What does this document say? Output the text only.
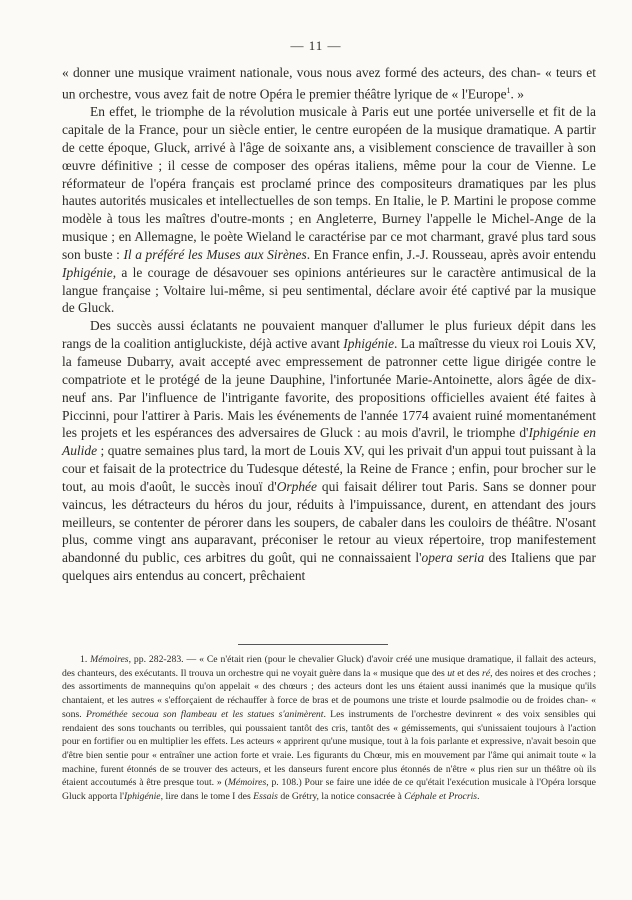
— 11 —

« donner une musique vraiment nationale, vous nous avez formé des acteurs, des chan- « teurs et un orchestre, vous avez fait de notre Opéra le premier théâtre lyrique de « l'Europe$^1$. »

En effet, le triomphe de la révolution musicale à Paris eut une portée universelle et fit de la capitale de la France, pour un siècle entier, le centre européen de la musique dramatique. A partir de cette époque, Gluck, arrivé à l'âge de soixante ans, a visiblement conscience de travailler à son œuvre définitive ; il cesse de composer des opéras italiens, même pour la cour de Vienne. Le réformateur de l'opéra français est proclamé prince des compositeurs dramatiques par les plus hautes autorités musicales et intellectuelles de son temps. En Italie, le P. Martini le propose comme modèle à tous les maîtres d'outre-monts ; en Angleterre, Burney l'appelle le Michel-Ange de la musique ; en Allemagne, le poète Wieland le caractérise par ce mot charmant, gravé plus tard sous son buste : Il a préféré les Muses aux Sirènes. En France enfin, J.-J. Rousseau, après avoir entendu Iphigénie, a le courage de désavouer ses opinions antérieures sur le caractère antimusical de la langue française ; Voltaire lui-même, si peu sentimental, déclare avoir été captivé par la musique de Gluck.

Des succès aussi éclatants ne pouvaient manquer d'allumer le plus furieux dépit dans les rangs de la coalition antigluckiste, déjà active avant Iphigénie. La maîtresse du vieux roi Louis XV, la fameuse Dubarry, avait accepté avec empressement de patronner cette ligue dirigée contre le compatriote et le protégé de la jeune Dauphine, l'infortunée Marie-Antoinette, alors âgée de dix-neuf ans. Par l'influence de l'intrigante favorite, des propositions officielles avaient été faites à Piccinni, pour l'attirer à Paris. Mais les événements de l'année 1774 avaient ruiné momentanément les projets et les espérances des adversaires de Gluck : au mois d'avril, le triomphe d'Iphigénie en Aulide ; quatre semaines plus tard, la mort de Louis XV, qui les privait d'un appui tout puissant à la cour et faisait de la protectrice du Tudesque détesté, la Reine de France ; enfin, pour brocher sur le tout, au mois d'août, le succès inouï d'Orphée qui faisait délirer tout Paris. Sans se donner pour vaincus, les détracteurs du héros du jour, réduits à l'impuissance, durent, en attendant des jours meilleurs, se contenter de pérorer dans les soupers, de cabaler dans les couloirs de théâtre. N'osant plus, comme vingt ans auparavant, préconiser le retour au vieux répertoire, trop manifestement abandonné du public, ces arbitres du goût, qui ne connaissaient l'opera seria des Italiens que par quelques airs entendus au concert, prêchaient

1. Mémoires, pp. 282-283. — « Ce n'était rien (pour le chevalier Gluck) d'avoir créé une musique dramatique, il fallait des acteurs, des chanteurs, des exécutants. Il trouva un orchestre qui ne voyait guère dans la « musique que des ut et des ré, des noires et des croches ; des assortiments de mannequins qu'on appelait « des chœurs ; des acteurs dont les uns étaient aussi inanimés que la musique qu'ils chantaient, et les autres « s'efforçaient de réchauffer à force de bras et de poumons une triste et lourde psalmodie ou de froides chan- « sons. Prométhée secoua son flambeau et les statues s'animèrent. Les instruments de l'orchestre devinrent « des voix sensibles qui rendaient des sons touchants ou terribles, qui poussaient tantôt des cris, tantôt des « gémissements, qui s'unissaient toujours à l'action pour en fortifier ou en multiplier les effets. Les acteurs « apprirent qu'une musique, tout à la fois parlante et expressive, n'avait besoin que d'être bien sentie pour « entraîner une action forte et vraie. Les figurants du Chœur, mis en mouvement par l'âme qui animait toute « la machine, furent étonnés de se trouver des acteurs, et les danseurs furent encore plus étonnés de n'être « plus rien sur un théâtre où ils étaient accoutumés à être presque tout. » (Mémoires, p. 108.) Pour se faire une idée de ce qu'était l'exécution musicale à l'Opéra lorsque Gluck apporta l'Iphigénie, lire dans le tome I des Essais de Grétry, la notice consacrée à Céphale et Procris.
